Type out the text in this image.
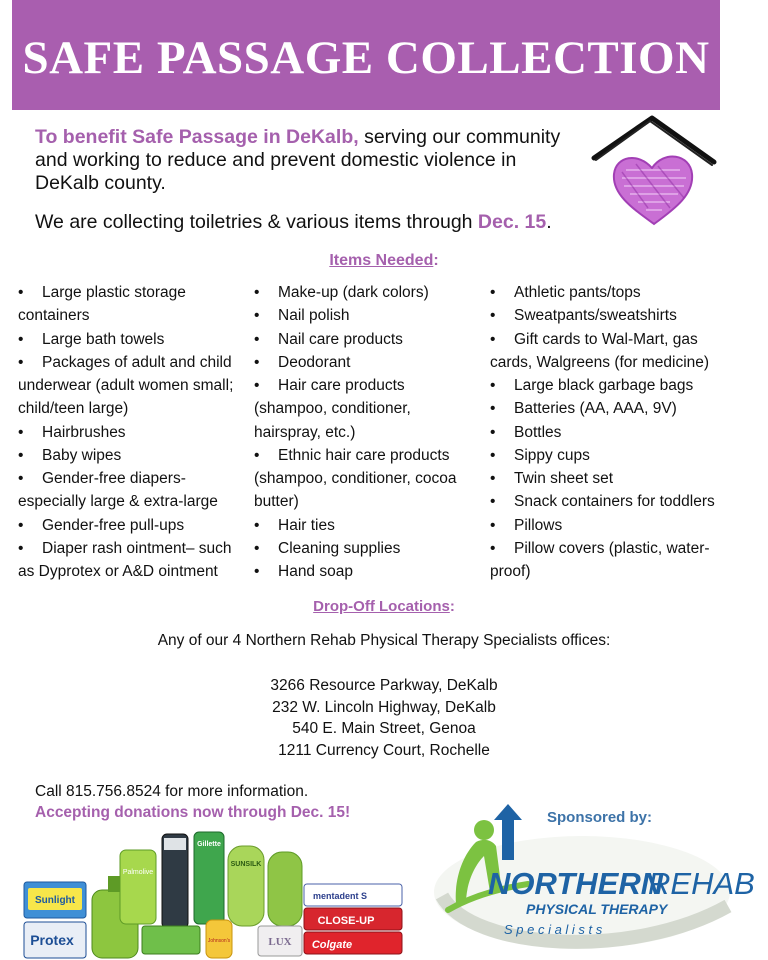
SAFE PASSAGE COLLECTION
To benefit Safe Passage in DeKalb, serving our community and working to reduce and prevent domestic violence in DeKalb county.
We are collecting toiletries & various items through Dec. 15.
Items Needed:
• Large plastic storage
containers
• Large bath towels
• Packages of adult and child
underwear (adult women small;
child/teen large)
• Hairbrushes
• Baby wipes
• Gender-free diapers-
especially large & extra-large
• Gender-free pull-ups
• Diaper rash ointment– such
as Dyprotex or A&D ointment
• Make-up (dark colors)
• Nail polish
• Nail care products
• Deodorant
• Hair care products
(shampoo, conditioner,
hairspray, etc.)
• Ethnic hair care products
(shampoo, conditioner, cocoa
butter)
• Hair ties
• Cleaning supplies
• Hand soap
• Athletic pants/tops
• Sweatpants/sweatshirts
• Gift cards to Wal-Mart, gas
cards, Walgreens (for medicine)
• Large black garbage bags
• Batteries (AA, AAA, 9V)
• Bottles
• Sippy cups
• Twin sheet set
• Snack containers for toddlers
• Pillows
• Pillow covers (plastic, water-
proof)
Drop-Off Locations:
Any of our 4 Northern Rehab Physical Therapy Specialists offices:
3266 Resource Parkway, DeKalb
232 W. Lincoln Highway, DeKalb
540 E. Main Street, Genoa
1211 Currency Court, Rochelle
Call 815.756.8524 for more information.
Accepting donations now through Dec. 15!
Sunlight
Protex
Palmolive
Gillette
SUNSILK
Johnson's	LUX
mentadent S
CLOSE-UP
Colgate
NORTHERN
REHAB
PHYSICAL THERAPY
S p e c i a l i s t s
Sponsored by:
